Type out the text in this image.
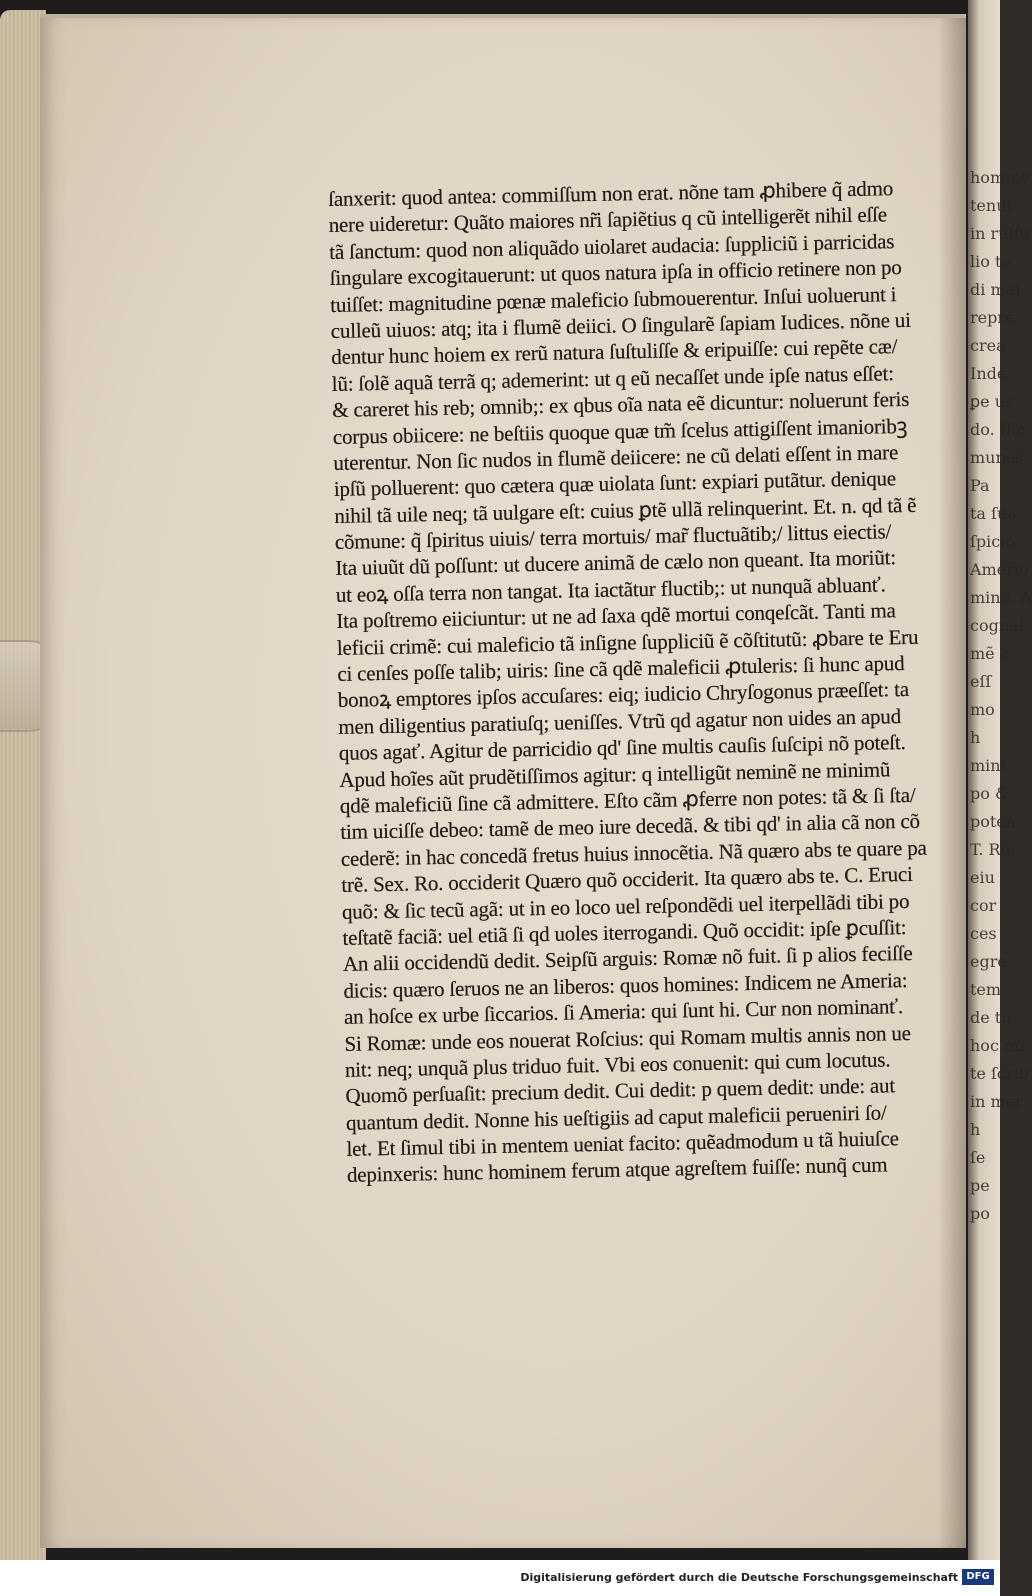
ſanxerit: quod antea: commiſſum non erat. nõne tam ꝓhibere q̃ admo
nere uideretur: Quãto maiores nr̃i ſapiẽtius q cũ intelligerẽt nihil eſſe
tã ſanctum: quod non aliquãdo uiolaret audacia: ſuppliciũ i parricidas
ſingulare excogitauerunt: ut quos natura ipſa in officio retinere non po
tuiſſet: magnitudine pœnæ maleficio ſubmouerentur. Inſui uoluerunt i
culleũ uiuos: atq; ita i flumẽ deiici. O ſingularẽ ſapiam Iudices. nõne ui
dentur hunc hoiem ex rerũ natura ſuſtuliſſe & eripuiſſe: cui repẽte cæ/
lũ: ſolẽ aquã terrã q; ademerint: ut q eũ necaſſet unde ipſe natus eſſet:
& careret his reb; omnib;: ex qbus oĩa nata eẽ dicuntur: noluerunt feris
corpus obiicere: ne beſtiis quoque quæ tm̃ ſcelus attigiſſent imanioribꝫ
uterentur. Non ſic nudos in flumẽ deiicere: ne cũ delati eſſent in mare
ipſũ polluerent: quo cætera quæ uiolata ſunt: expiari putãtur. denique
nihil tã uile neq; tã uulgare eſt: cuius ꝑtẽ ullã relinquerint. Et. n. qd tã ẽ
cõmune: q̃ ſpiritus uiuis/ terra mortuis/ mar̃ fluctuãtib;/ littus eiectis/
Ita uiuũt dũ poſſunt: ut ducere animã de cælo non queant. Ita moriũt:
ut eoꝝ oſſa terra non tangat. Ita iactãtur fluctib;: ut nunquã abluanť.
Ita poſtremo eiiciuntur: ut ne ad ſaxa qdẽ mortui conqeſcãt. Tanti ma
leficii crimẽ: cui maleficio tã inſigne ſuppliciũ ẽ cõſtitutũ: ꝓbare te Eru
ci cenſes poſſe talib; uiris: ſine cã qdẽ maleficii ꝓtuleris: ſi hunc apud
bonoꝝ emptores ipſos accuſares: eiq; iudicio Chryſogonus præeſſet: ta
men diligentius paratiuſq; ueniſſes. Vtrũ qd agatur non uides an apud
quos agať. Agitur de parricidio qd' ſine multis cauſis ſuſcipi nõ poteſt.
Apud hoĩes aũt prudẽtiſſimos agitur: q intelligũt neminẽ ne minimũ
qdẽ maleficiũ ſine cã admittere. Eſto cãm ꝓferre non potes: tã & ſi ſta/
tim uiciſſe debeo: tamẽ de meo iure decedã. & tibi qd' in alia cã non cõ
cederẽ: in hac concedã fretus huius innocẽtia. Nã quæro abs te quare pa
trẽ. Sex. Ro. occiderit Quæro quõ occiderit. Ita quæro abs te. C. Eruci
quõ: & ſic tecũ agã: ut in eo loco uel reſpondẽdi uel iterpellãdi tibi po
teſtatẽ faciã: uel etiã ſi qd uoles iterrogandi. Quõ occidit: ipſe ꝑcuſſit:
An alii occidendũ dedit. Seipſũ arguis: Romæ nõ fuit. ſi p alios feciſſe
dicis: quæro ſeruos ne an liberos: quos homines: Indicem ne Ameria:
an hoſce ex urbe ſiccarios. ſi Ameria: qui ſunt hi. Cur non nominanť.
Si Romæ: unde eos nouerat Roſcius: qui Romam multis annis non ue
nit: neq; unquã plus triduo fuit. Vbi eos conuenit: qui cum locutus.
Quomõ perſuaſit: precium dedit. Cui dedit: p quem dedit: unde: aut
quantum dedit. Nonne his ueſtigiis ad caput maleficii perueniri ſo/
let. Et ſimul tibi in mentem ueniat facito: quẽadmodum u tã huiuſce
depinxeris: hunc hominem ferum atque agreſtem fuiſſe: nunq̃ cum
homine
tenui
in rulſu
lio te
di mal
repre
crea
Inde
ꝑe us
do. Ille
munes
Pa
ta ſua
ſpicio
Amerio
mine. A
cognaſ
mẽ c
eſſ
mo
h
mini
po &
poten
T. Ro
eiu
cor
ces
egre
tem
de tu
hoc nu
te ſcrib
in mer
h
ſe
pe
po
Digitalisierung gefördert durch die Deutsche Forschungsgemeinschaft DFG
